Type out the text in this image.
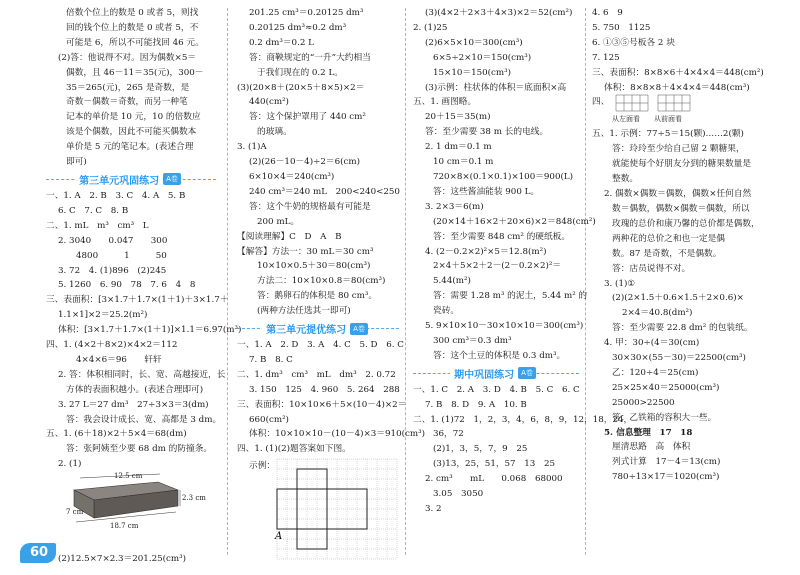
倍数个位上的数是 0 或者 5，则找
回的钱个位上的数是 0 或者 5，不
可能是 6，所以不可能找回 46 元。
(2)答：他说得不对。因为偶数×5＝
偶数，且 46－11＝35(元)，300－
35＝265(元)，265 是奇数，是
奇数－偶数＝奇数，而另一种笔
记本的单价是 10 元，10 的倍数应
该是个偶数，因此不可能买偶数本
单价是 5 元的笔记本。(表述合理
即可)
第三单元巩固练习	A卷
一、1. A　2. B　3. C　4. A　5. B
6. C　7. C　8. B
二、1. mL　m³　cm³　L
2. 3040　　0.047　　300
4800　　　1　　　50
3. 72　4. (1)896　(2)245
5. 1260　6. 90　78　7. 6　4　8
三、表面积：[3×1.7＋1.7×(1＋1)＋3×1.7＋
1.1×1]×2＝25.2(m²)
体积：[3×1.7＋1.7×(1＋1)]×1.1＝6.97(m³)
四、1. (4×2＋8×2)×4×2＝112
4×4×6＝96　　轩轩
2. 答：体积相同时，长、宽、高越接近，长
方体的表面积越小。(表述合理即可)
3. 27 L＝27 dm³　27÷3×3＝3(dm)
答：我会设计成长、宽、高都是 3 dm。
五、1. (6＋18)×2＋5×4＝68(dm)
答：张阿姨至少要 68 dm 的防撞条。
2. (1)
12.5 cm
2.3 cm
7 cm
18.7 cm
(2)12.5×7×2.3＝201.25(cm³)
201.25 cm³＝0.20125 dm³
0.20125 dm³≈0.2 dm³
0.2 dm³＝0.2 L
答：商鞅规定的“一升”大约相当
于我们现在的 0.2 L。
(3)(20×8＋(20×5＋8×5)×2＝
440(cm²)
答：这个保护罩用了 440 cm²
的玻璃。
3. (1)A
(2)(26－10－4)÷2＝6(cm)
6×10×4＝240(cm³)
240 cm³＝240 mL　200<240<250
答：这个牛奶的规格最有可能是
200 mL。
【阅读理解】C　D　A　B
【解答】方法一：30 mL＝30 cm³
10×10×0.5＋30＝80(cm³)
方法二：10×10×0.8＝80(cm³)
答：鹅卵石的体积是 80 cm³。
(两种方法任选其一即可)
第三单元提优练习	A卷
一、1. A　2. D　3. A　4. C　5. D　6. C
7. B　8. C
二、1. dm³　cm³　mL　dm³　2. 0.72
3. 150　125　4. 960　5. 264　288
三、表面积：10×10×6＋5×(10－4)×2＝
660(cm²)
体积：10×10×10－(10－4)×3＝910(cm³)
四、1. (1)(2)题答案如下图。
示例：
A
(3)(4×2＋2×3＋4×3)×2＝52(cm²)
2. (1)25
(2)6×5×10＝300(cm³)
6×5÷2×10＝150(cm³)
15×10＝150(cm³)
(3)示例：柱状体的体积＝底面积×高
五、1. 画图略。
20＋15＝35(m)
答：至少需要 38 m 长的电线。
2. 1 dm＝0.1 m
10 cm＝0.1 m
720×8×(0.1×0.1)×100＝900(L)
答：这些酱油能装 900 L。
3. 2×3＝6(m)
(20×14＋16×2＋20×6)×2＝848(cm²)
答：至少需要 848 cm² 的硬纸板。
4. (2－0.2×2)²×5＝12.8(m²)
2×4＋5×2＋2－(2－0.2×2)²＝
5.44(m²)
答：需要 1.28 m³ 的泥土，5.44 m² 的
瓷砖。
5. 9×10×10－30×10×10＝300(cm³)
300 cm³＝0.3 dm³
答：这个土豆的体积是 0.3 dm³。
期中巩固练习	A卷
一、1. C　2. A　3. D　4. B　5. C　6. C
7. B　8. D　9. A　10. B
二、1. (1)72　1，2，3，4，6，8，9，12，18，24，
36，72
(2)1，3，5，7，9　25
(3)13，25，51，57　13　25
2. cm³　　mL　　0.068　68000
3.05　3050
3. 2
4. 6　9
5. 750　1125
6. ①③⑤号板各 2 块
7. 125
三、表面积：8×8×6＋4×4×4＝448(cm²)
体积：8×8×8＋4×4×4＝448(cm³)
四、
从左面看 从前面看
五、1. 示例：77÷5＝15(颗)……2(颗)
答：玲玲至少给自己留 2 颗糖果，
就能使每个好朋友分到的糖果数量是
整数。
2. 偶数×偶数＝偶数，偶数×任何自然
数＝偶数，偶数×偶数＝偶数，所以
玫瑰的总价和康乃馨的总价都是偶数，
两种花的总价之和也一定是偶
数。87 是奇数，不是偶数。
答：店员说得不对。
3. (1)①
(2)(2×1.5＋0.6×1.5＋2×0.6)×
2×4＝40.8(dm²)
答：至少需要 22.8 dm² 的包装纸。
4. 甲：30÷(4＝30(cm)
30×30×(55－30)＝22500(cm³)
乙：120÷4＝25(cm)
25×25×40＝25000(cm³)
25000>22500
答：乙铁箱的容积大一些。
5. 信息整理　17　18
厘清思路　高　体积
列式计算　17－4＝13(cm)
780÷13×17＝1020(cm³)
60
